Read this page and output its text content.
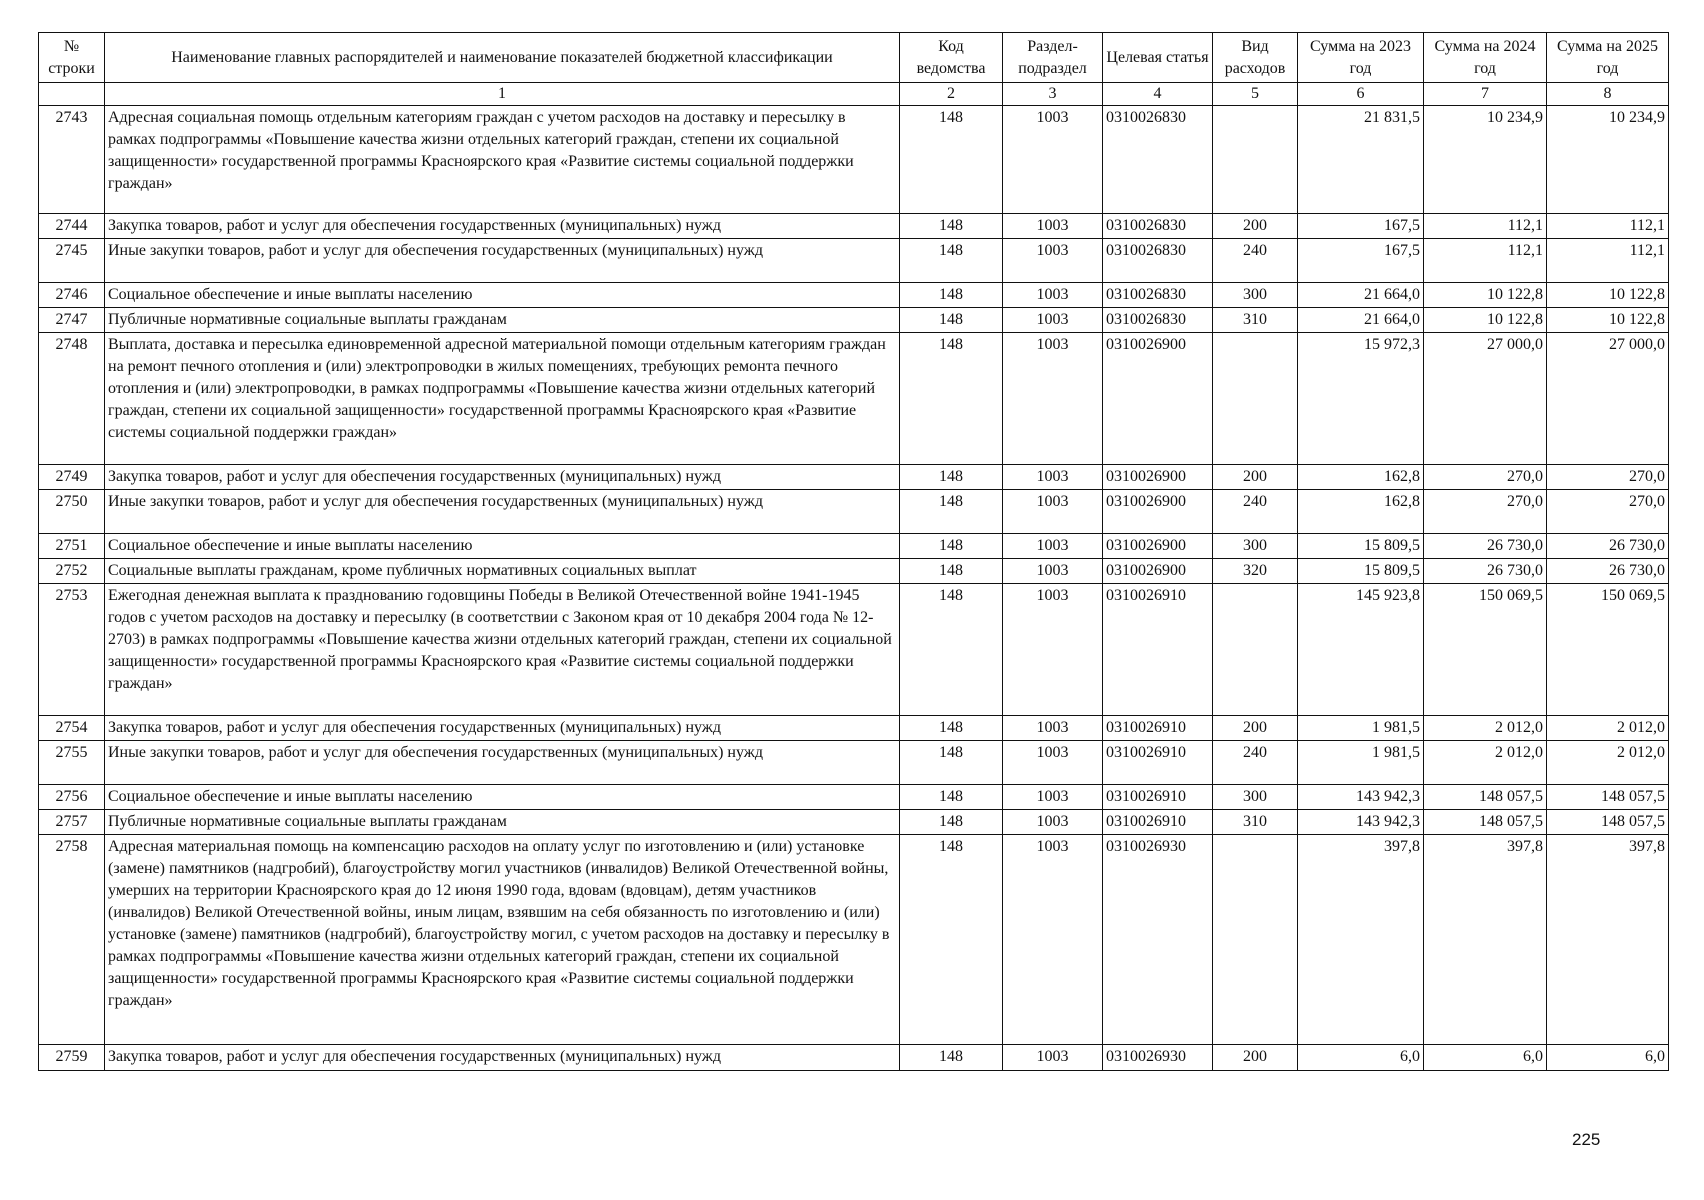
№ строки	Наименование главных распорядителей и наименование показателей бюджетной классификации	Код ведомства	Раздел-подраздел	Целевая статья	Вид расходов	Сумма на 2023 год	Сумма на 2024 год	Сумма на 2025 год
	1	2	3	4	5	6	7	8
2743	Адресная социальная помощь отдельным категориям граждан с учетом расходов на доставку и пересылку в рамках подпрограммы «Повышение качества жизни отдельных категорий граждан, степени их социальной защищенности» государственной программы Красноярского края «Развитие системы социальной поддержки граждан»	148	1003	0310026830		21 831,5	10 234,9	10 234,9
2744	Закупка товаров, работ и услуг для обеспечения государственных (муниципальных) нужд	148	1003	0310026830	200	167,5	112,1	112,1
2745	Иные закупки товаров, работ и услуг для обеспечения государственных (муниципальных) нужд	148	1003	0310026830	240	167,5	112,1	112,1
2746	Социальное обеспечение и иные выплаты населению	148	1003	0310026830	300	21 664,0	10 122,8	10 122,8
2747	Публичные нормативные социальные выплаты гражданам	148	1003	0310026830	310	21 664,0	10 122,8	10 122,8
2748	Выплата, доставка и пересылка единовременной адресной материальной помощи отдельным категориям граждан на ремонт печного отопления и (или) электропроводки в жилых помещениях, требующих ремонта печного отопления и (или) электропроводки, в рамках подпрограммы «Повышение качества жизни отдельных категорий граждан, степени их социальной защищенности» государственной программы Красноярского края «Развитие системы социальной поддержки граждан»	148	1003	0310026900		15 972,3	27 000,0	27 000,0
2749	Закупка товаров, работ и услуг для обеспечения государственных (муниципальных) нужд	148	1003	0310026900	200	162,8	270,0	270,0
2750	Иные закупки товаров, работ и услуг для обеспечения государственных (муниципальных) нужд	148	1003	0310026900	240	162,8	270,0	270,0
2751	Социальное обеспечение и иные выплаты населению	148	1003	0310026900	300	15 809,5	26 730,0	26 730,0
2752	Социальные выплаты гражданам, кроме публичных нормативных социальных выплат	148	1003	0310026900	320	15 809,5	26 730,0	26 730,0
2753	Ежегодная денежная выплата к празднованию годовщины Победы в Великой Отечественной войне 1941-1945 годов с учетом расходов на доставку и пересылку (в соответствии с Законом края от 10 декабря 2004 года № 12-2703) в рамках подпрограммы «Повышение качества жизни отдельных категорий граждан, степени их социальной защищенности» государственной программы Красноярского края «Развитие системы социальной поддержки граждан»	148	1003	0310026910		145 923,8	150 069,5	150 069,5
2754	Закупка товаров, работ и услуг для обеспечения государственных (муниципальных) нужд	148	1003	0310026910	200	1 981,5	2 012,0	2 012,0
2755	Иные закупки товаров, работ и услуг для обеспечения государственных (муниципальных) нужд	148	1003	0310026910	240	1 981,5	2 012,0	2 012,0
2756	Социальное обеспечение и иные выплаты населению	148	1003	0310026910	300	143 942,3	148 057,5	148 057,5
2757	Публичные нормативные социальные выплаты гражданам	148	1003	0310026910	310	143 942,3	148 057,5	148 057,5
2758	Адресная материальная помощь на компенсацию расходов на оплату услуг по изготовлению и (или) установке (замене) памятников (надгробий), благоустройству могил участников (инвалидов) Великой Отечественной войны, умерших на территории Красноярского края до 12 июня 1990 года, вдовам (вдовцам), детям участников (инвалидов) Великой Отечественной войны, иным лицам, взявшим на себя обязанность по изготовлению и (или) установке (замене) памятников (надгробий), благоустройству могил, с учетом расходов на доставку и пересылку в рамках подпрограммы «Повышение качества жизни отдельных категорий граждан, степени их социальной защищенности» государственной программы Красноярского края «Развитие системы социальной поддержки граждан»	148	1003	0310026930		397,8	397,8	397,8
2759	Закупка товаров, работ и услуг для обеспечения государственных (муниципальных) нужд	148	1003	0310026930	200	6,0	6,0	6,0
225
